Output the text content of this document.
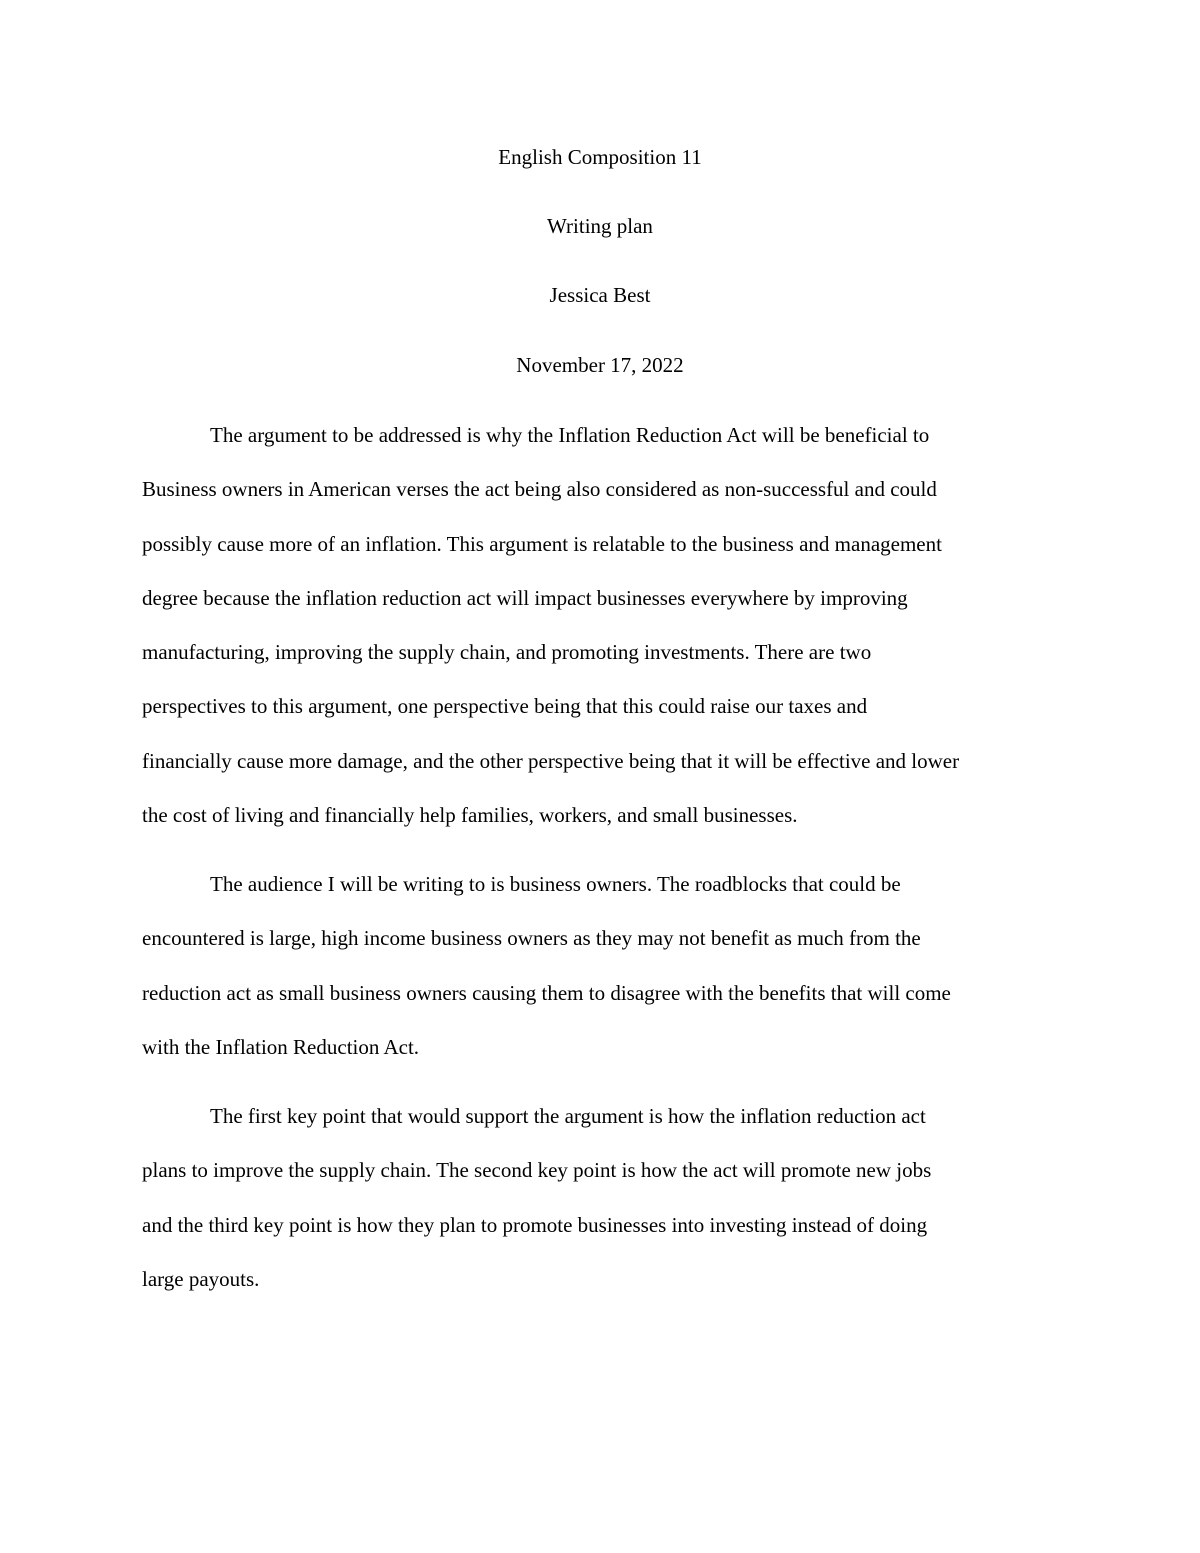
English Composition 11

Writing plan

Jessica Best

November 17, 2022

The argument to be addressed is why the Inflation Reduction Act will be beneficial to
Business owners in American verses the act being also considered as non-successful and could
possibly cause more of an inflation. This argument is relatable to the business and management
degree because the inflation reduction act will impact businesses everywhere by improving
manufacturing, improving the supply chain, and promoting investments. There are two
perspectives to this argument, one perspective being that this could raise our taxes and
financially cause more damage, and the other perspective being that it will be effective and lower
the cost of living and financially help families, workers, and small businesses.
The audience I will be writing to is business owners. The roadblocks that could be
encountered is large, high income business owners as they may not benefit as much from the
reduction act as small business owners causing them to disagree with the benefits that will come
with the Inflation Reduction Act.
The first key point that would support the argument is how the inflation reduction act
plans to improve the supply chain. The second key point is how the act will promote new jobs
and the third key point is how they plan to promote businesses into investing instead of doing
large payouts.
